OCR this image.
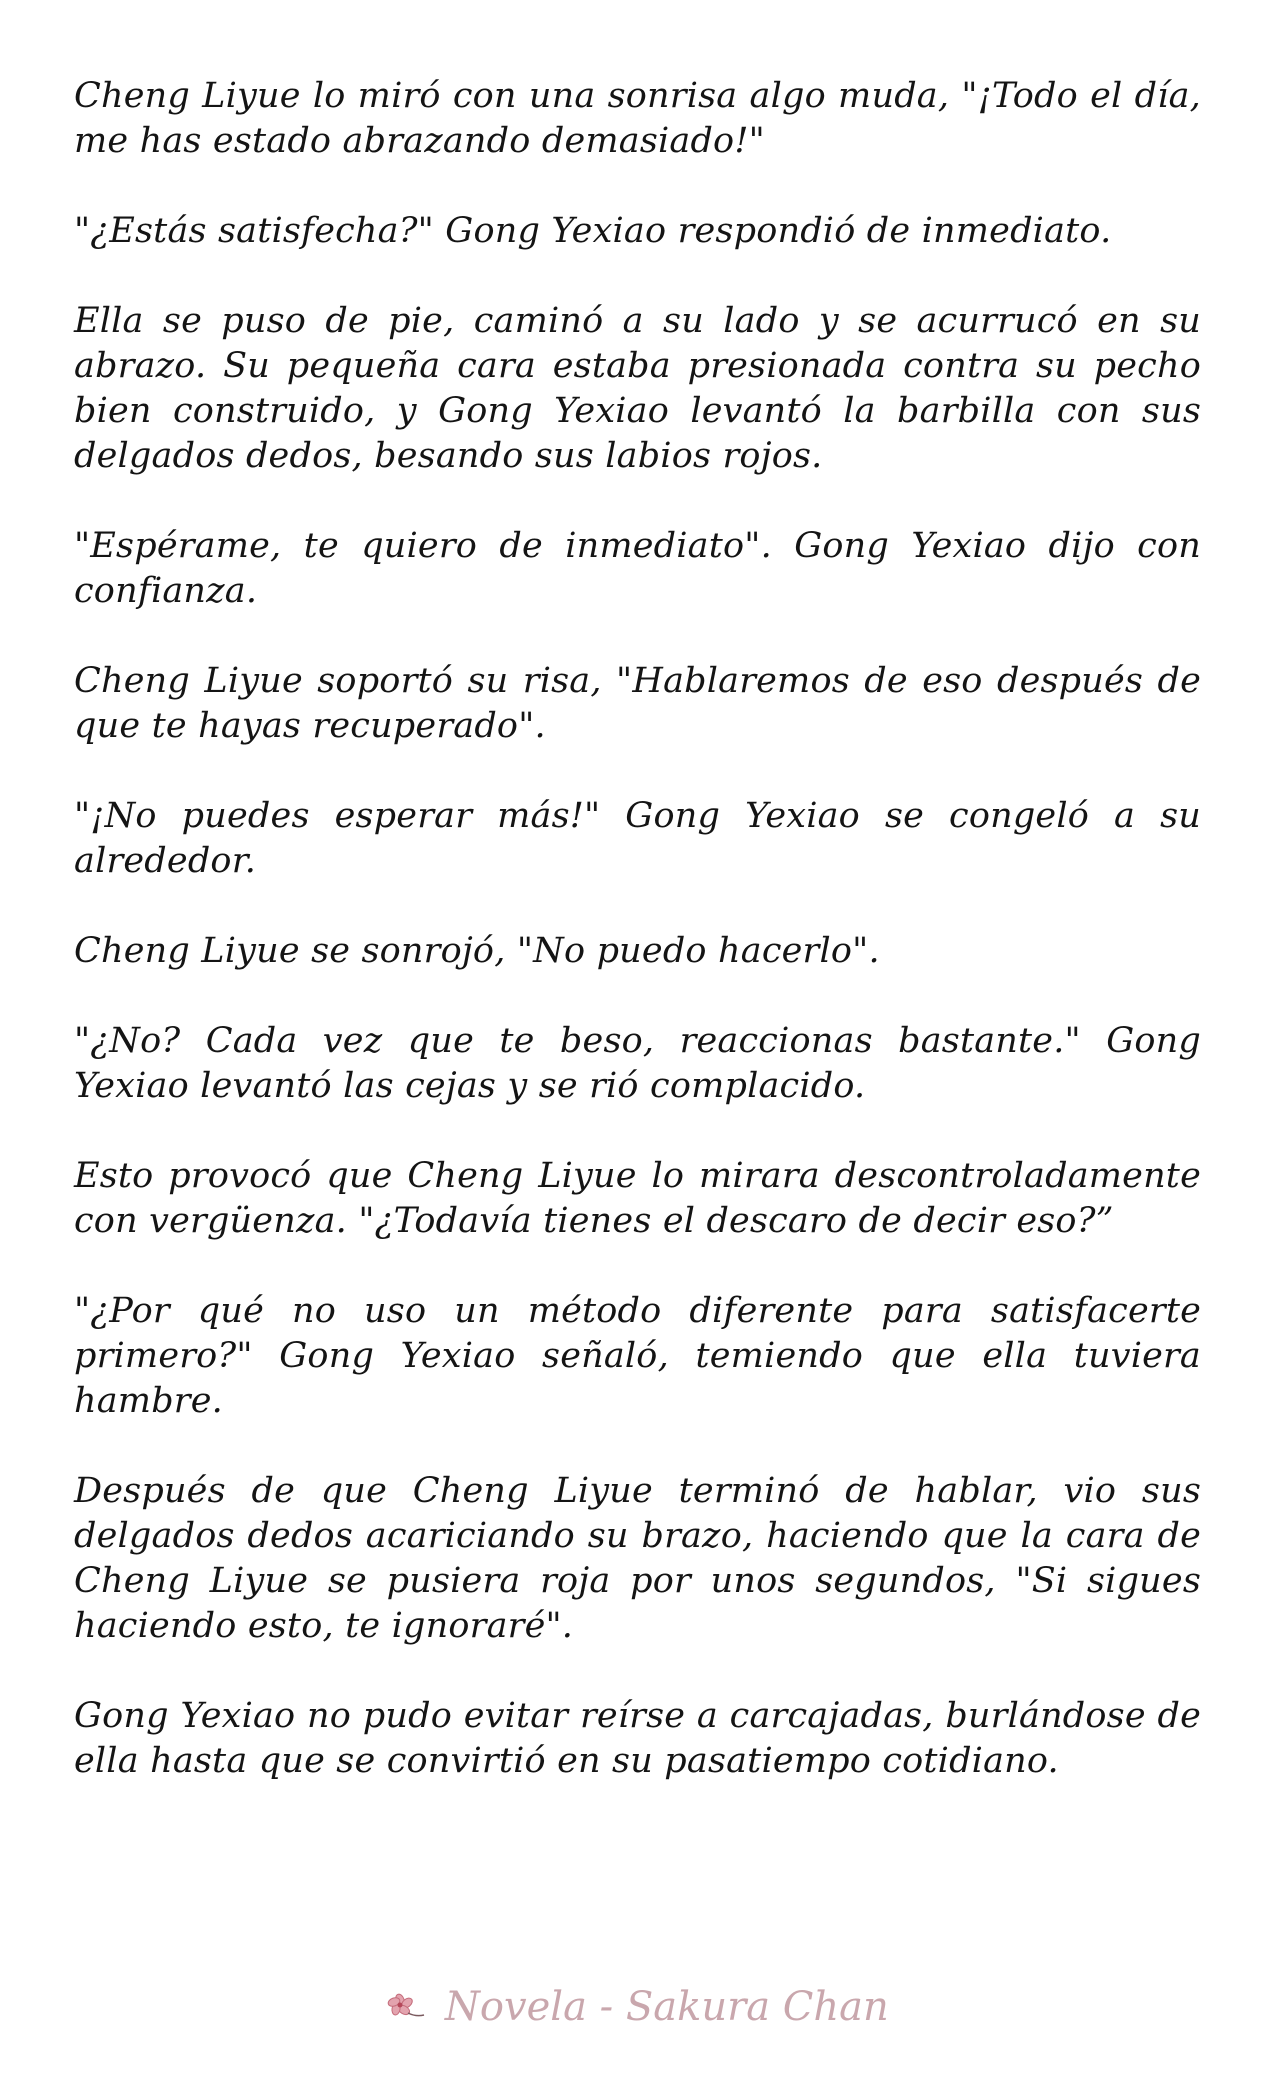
Cheng Liyue lo miró con una sonrisa algo muda, "¡Todo el día, me has estado abrazando demasiado!"

"¿Estás satisfecha?" Gong Yexiao respondió de inmediato.

Ella se puso de pie, caminó a su lado y se acurrucó en su abrazo. Su pequeña cara estaba presionada contra su pecho bien construido, y Gong Yexiao levantó la barbilla con sus delgados dedos, besando sus labios rojos.

"Espérame, te quiero de inmediato". Gong Yexiao dijo con confianza.

Cheng Liyue soportó su risa, "Hablaremos de eso después de que te hayas recuperado".

"¡No puedes esperar más!" Gong Yexiao se congeló a su alrededor.

Cheng Liyue se sonrojó, "No puedo hacerlo".

"¿No? Cada vez que te beso, reaccionas bastante." Gong Yexiao levantó las cejas y se rió complacido.

Esto provocó que Cheng Liyue lo mirara descontroladamente con vergüenza. "¿Todavía tienes el descaro de decir eso?”

"¿Por qué no uso un método diferente para satisfacerte primero?" Gong Yexiao señaló, temiendo que ella tuviera hambre.

Después de que Cheng Liyue terminó de hablar, vio sus delgados dedos acariciando su brazo, haciendo que la cara de Cheng Liyue se pusiera roja por unos segundos, "Si sigues haciendo esto, te ignoraré".

Gong Yexiao no pudo evitar reírse a carcajadas, burlándose de ella hasta que se convirtió en su pasatiempo cotidiano.

Novela - Sakura Chan
